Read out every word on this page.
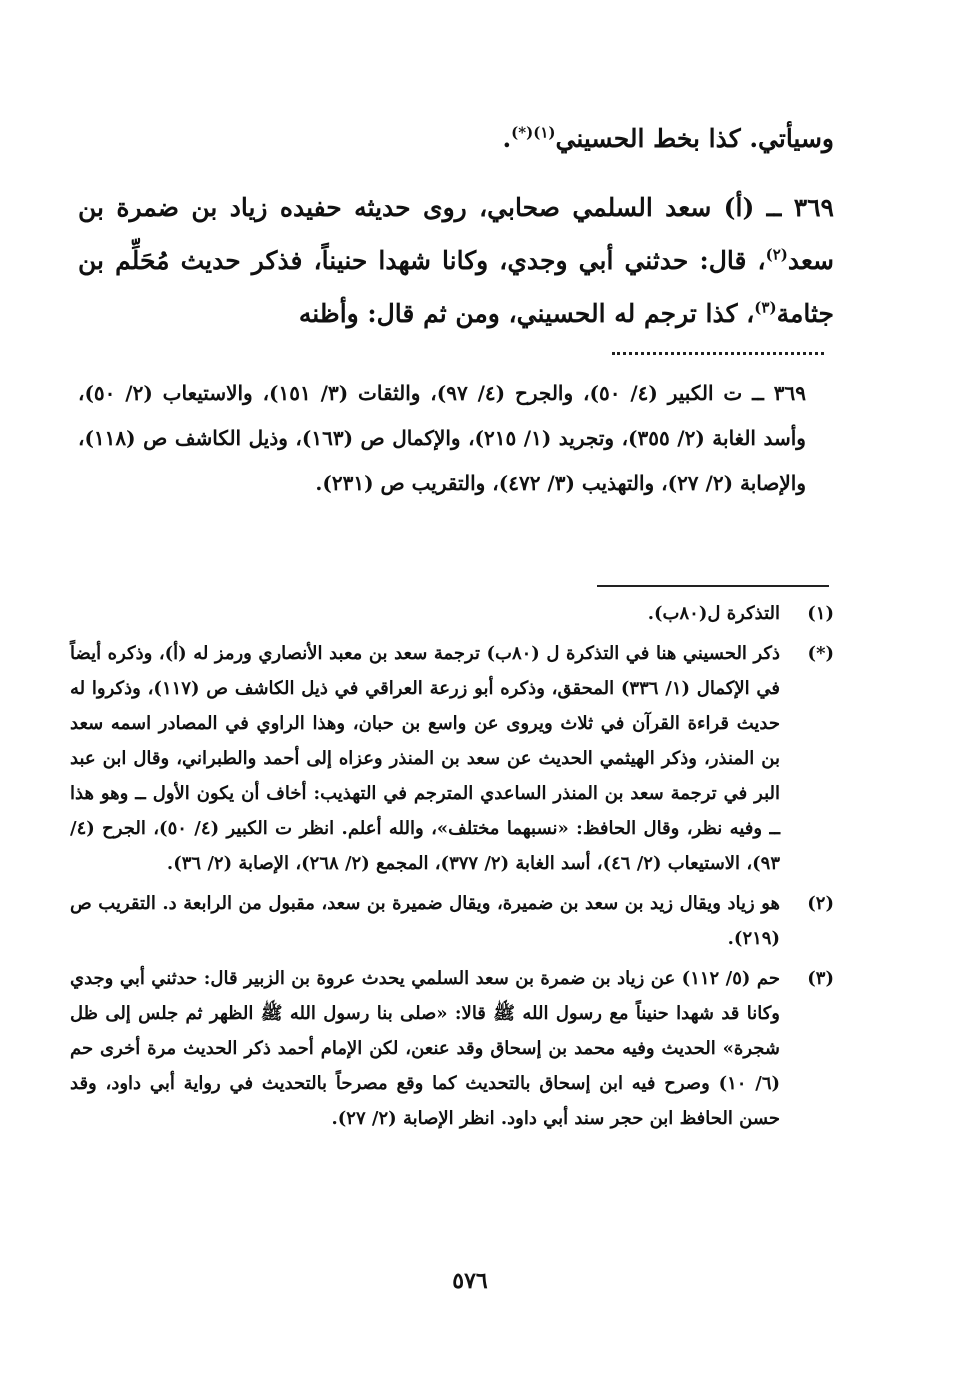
وسيأتي. كذا بخط الحسيني$^{(١)(*)}$.

٣٦٩ ــ (أ) سعد السلمي صحابي، روى حديثه حفيده زياد بن ضمرة بن سعد$^{(٢)}$، قال: حدثني أبي وجدي، وكانا شهدا حنيناً، فذكر حديث مُحَلِّم بن جثامة$^{(٣)}$، كذا ترجم له الحسيني، ومن ثم قال: وأظنه

٣٦٩ ــ ت الكبير (٤/ ٥٠)، والجرح (٤/ ٩٧)، والثقات (٣/ ١٥١)، والاستيعاب (٢/ ٥٠)، وأسد الغابة (٢/ ٣٥٥)، وتجريد (١/ ٢١٥)، والإكمال ص (١٦٣)، وذيل الكاشف ص (١١٨)، والإصابة (٢/ ٢٧)، والتهذيب (٣/ ٤٧٢)، والتقريب ص (٢٣١).

(١)
التذكرة ل(٨٠ب).
(*)
ذكر الحسيني هنا في التذكرة ل (٨٠ب) ترجمة سعد بن معبد الأنصاري ورمز له (أ)، وذكره أيضاً في الإكمال (١/ ٣٣٦) المحقق، وذكره أبو زرعة العراقي في ذيل الكاشف ص (١١٧)، وذكروا له حديث قراءة القرآن في ثلاث ويروى عن واسع بن حبان، وهذا الراوي في المصادر اسمه سعد بن المنذر، وذكر الهيثمي الحديث عن سعد بن المنذر وعزاه إلى أحمد والطبراني، وقال ابن عبد البر في ترجمة سعد بن المنذر الساعدي المترجم في التهذيب: أخاف أن يكون الأول ــ وهو هذا ــ وفيه نظر، وقال الحافظ: «نسبهما مختلف»، والله أعلم. انظر ت الكبير (٤/ ٥٠)، الجرح (٤/ ٩٣)، الاستيعاب (٢/ ٤٦)، أسد الغابة (٢/ ٣٧٧)، المجمع (٢/ ٢٦٨)، الإصابة (٢/ ٣٦).
(٢)
هو زياد ويقال زيد بن سعد بن ضميرة، ويقال ضميرة بن سعد، مقبول من الرابعة د. التقريب ص (٢١٩).
(٣)
حم (٥/ ١١٢) عن زياد بن ضمرة بن سعد السلمي يحدث عروة بن الزبير قال: حدثني أبي وجدي وكانا قد شهدا حنيناً مع رسول الله ﷺ قالا: «صلى بنا رسول الله ﷺ الظهر ثم جلس إلى ظل شجرة» الحديث وفيه محمد بن إسحاق وقد عنعن، لكن الإمام أحمد ذكر الحديث مرة أخرى حم (٦/ ١٠) وصرح فيه ابن إسحاق بالتحديث كما وقع مصرحاً بالتحديث في رواية أبي داود، وقد حسن الحافظ ابن حجر سند أبي داود. انظر الإصابة (٢/ ٢٧).
٥٧٦
